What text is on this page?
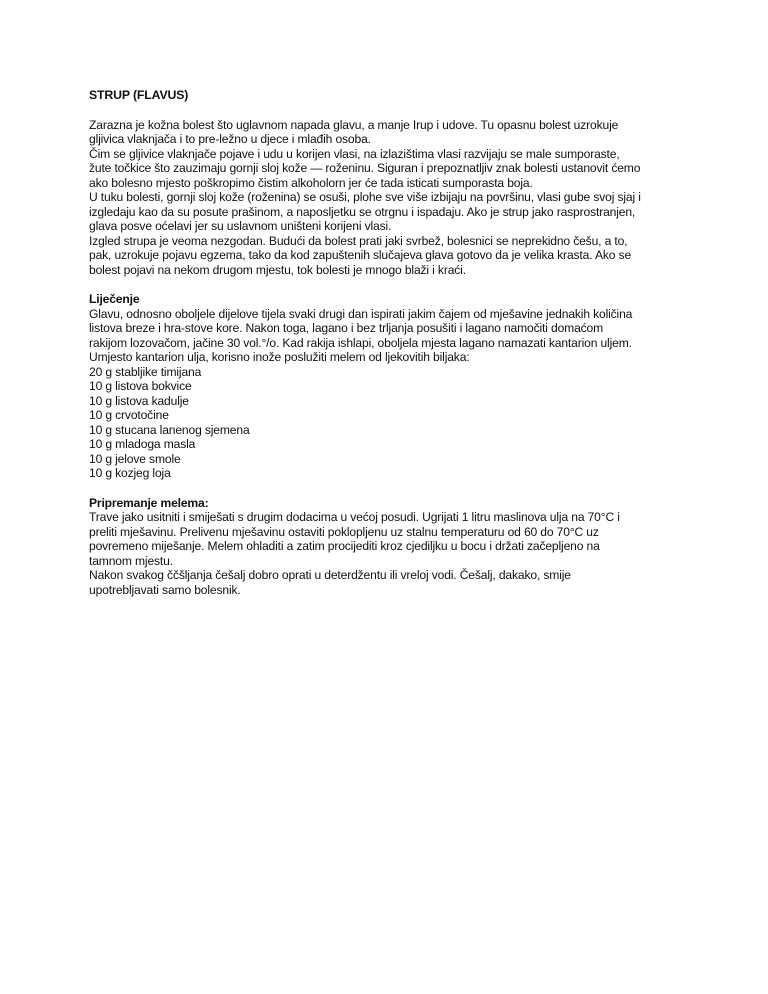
STRUP (FLAVUS)
Zarazna je kožna bolest što uglavnom napada glavu, a manje Irup i udove. Tu opasnu bolest uzrokuje
gljivica vlaknjača i to pre-ležno u djece i mlađih osoba.
Čim se gljivice vlaknjače pojave i udu u korijen vlasi, na izlazištima vlasi razvijaju se male sumporaste,
žute točkice što zauzimaju gornji sloj kože — roženinu. Siguran i prepoznatljiv znak bolesti ustanovit ćemo
ako bolesno mjesto poškropimo čistim alkoholorn jer će tada isticati sumporasta boja.
U tuku bolesti, gornji sloj kože (roženina) se osuši, plohe sve više izbijaju na površinu, vlasi gube svoj sjaj i
izgledaju kao da su posute prašinom, a naposljetku se otrgnu i ispadaju. Ako je strup jako rasprostranjen,
glava posve oćelavi jer su uslavnom uništeni korijeni vlasi.
Izgled strupa je veoma nezgodan. Budući da bolest prati jaki svrbež, bolesnici se neprekidno češu, a to,
pak, uzrokuje pojavu egzema, tako da kod zapuštenih slučajeva glava gotovo da je velika krasta. Ako se
bolest pojavi na nekom drugom mjestu, tok bolesti je mnogo blaži i kraći.
Liječenje
Glavu, odnosno oboljele dijelove tijela svaki drugi dan ispirati jakim čajem od mješavine jednakih količina
listova breze i hra-stove kore. Nakon toga, lagano i bez trljanja posušiti i lagano namočiti domaćom
rakijom lozovačom, jačine 30 vol.°/o. Kad rakija ishlapi, oboljela mjesta lagano namazati kantarion uljem.
Umjesto kantarion ulja, korisno inože poslužiti melem od ljekovitih biljaka:
20 g stabljike timijana
10 g listova bokvice
10 g listova kadulje
10 g crvotočine
10 g stucana lanenog sjemena
10 g mladoga masla
10 g jelove smole
10 g kozjeg loja
Pripremanje melema:
Trave jako usitniti i smiješati s drugim dodacima u većoj posudi. Ugrijati 1 litru maslinova ulja na 70°C i
preliti mješavinu. Prelivenu mješavinu ostaviti poklopljenu uz stalnu temperaturu od 60 do 70°C uz
povremeno miješanje. Melem ohladiti a zatim procijediti kroz cjedilјku u bocu i držati začepljeno na
tamnom mjestu.
Nakon svakog ččšljanja češalj dobro oprati u deterdžentu ili vreloj vodi. Češalj, dakako, smije
upotrebljavati samo bolesnik.
